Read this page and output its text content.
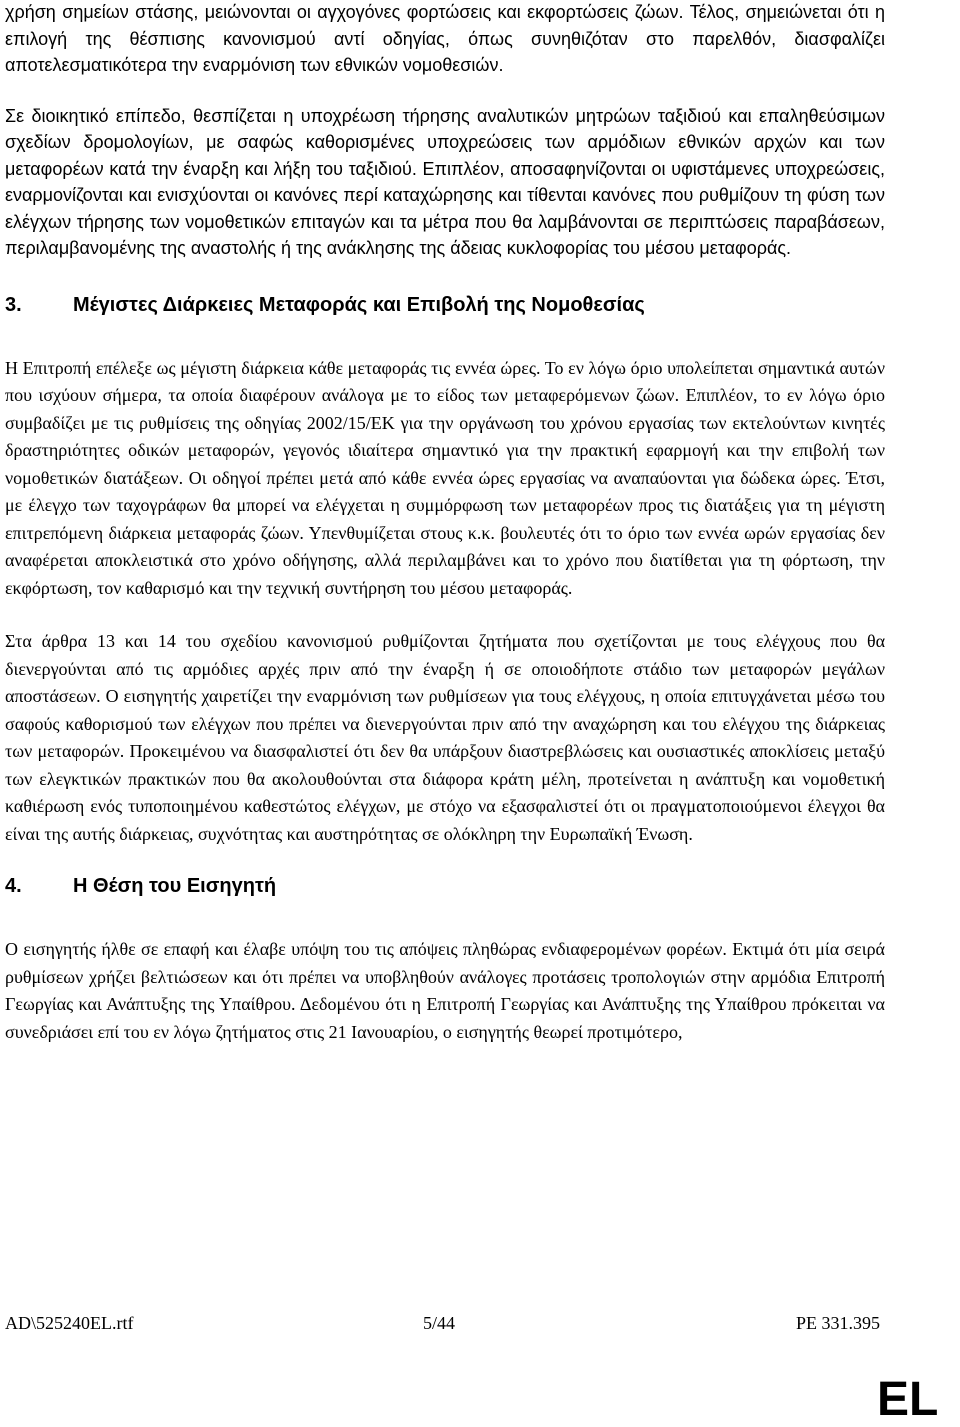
χρήση σημείων στάσης, μειώνονται οι αγχογόνες φορτώσεις και εκφορτώσεις ζώων. Τέλος, σημειώνεται ότι η επιλογή της θέσπισης κανονισμού αντί οδηγίας, όπως συνηθιζόταν στο παρελθόν, διασφαλίζει αποτελεσματικότερα την εναρμόνιση των εθνικών νομοθεσιών.

Σε διοικητικό επίπεδο, θεσπίζεται η υποχρέωση τήρησης αναλυτικών μητρώων ταξιδιού και επαληθεύσιμων σχεδίων δρομολογίων, με σαφώς καθορισμένες υποχρεώσεις των αρμόδιων εθνικών αρχών και των μεταφορέων κατά την έναρξη και λήξη του ταξιδιού. Επιπλέον, αποσαφηνίζονται οι υφιστάμενες υποχρεώσεις, εναρμονίζονται και ενισχύονται οι κανόνες περί καταχώρησης και τίθενται κανόνες που ρυθμίζουν τη φύση των ελέγχων τήρησης των νομοθετικών επιταγών και τα μέτρα που θα λαμβάνονται σε περιπτώσεις παραβάσεων, περιλαμβανομένης της αναστολής ή της ανάκλησης της άδειας κυκλοφορίας του μέσου μεταφοράς.

3.	Μέγιστες Διάρκειες Μεταφοράς και Επιβολή της Νομοθεσίας

Η Επιτροπή επέλεξε ως μέγιστη διάρκεια κάθε μεταφοράς τις εννέα ώρες. Το εν λόγω όριο υπολείπεται σημαντικά αυτών που ισχύουν σήμερα, τα οποία διαφέρουν ανάλογα με το είδος των μεταφερόμενων ζώων. Επιπλέον, το εν λόγω όριο συμβαδίζει με τις ρυθμίσεις της οδηγίας 2002/15/ΕΚ για την οργάνωση του χρόνου εργασίας των εκτελούντων κινητές δραστηριότητες οδικών μεταφορών, γεγονός ιδιαίτερα σημαντικό για την πρακτική εφαρμογή και την επιβολή των νομοθετικών διατάξεων. Οι οδηγοί πρέπει μετά από κάθε εννέα ώρες εργασίας να αναπαύονται για δώδεκα ώρες. Έτσι, με έλεγχο των ταχογράφων θα μπορεί να ελέγχεται η συμμόρφωση των μεταφορέων προς τις διατάξεις για τη μέγιστη επιτρεπόμενη διάρκεια μεταφοράς ζώων. Υπενθυμίζεται στους κ.κ. βουλευτές ότι το όριο των εννέα ωρών εργασίας δεν αναφέρεται αποκλειστικά στο χρόνο οδήγησης, αλλά περιλαμβάνει και το χρόνο που διατίθεται για τη φόρτωση, την εκφόρτωση, τον καθαρισμό και την τεχνική συντήρηση του μέσου μεταφοράς.

Στα άρθρα 13 και 14 του σχεδίου κανονισμού ρυθμίζονται ζητήματα που σχετίζονται με τους ελέγχους που θα διενεργούνται από τις αρμόδιες αρχές πριν από την έναρξη ή σε οποιοδήποτε στάδιο των μεταφορών μεγάλων αποστάσεων. Ο εισηγητής χαιρετίζει την εναρμόνιση των ρυθμίσεων για τους ελέγχους, η οποία επιτυγχάνεται μέσω του σαφούς καθορισμού των ελέγχων που πρέπει να διενεργούνται πριν από την αναχώρηση και του ελέγχου της διάρκειας των μεταφορών. Προκειμένου να διασφαλιστεί ότι δεν θα υπάρξουν διαστρεβλώσεις και ουσιαστικές αποκλίσεις μεταξύ των ελεγκτικών πρακτικών που θα ακολουθούνται στα διάφορα κράτη μέλη, προτείνεται η ανάπτυξη και νομοθετική καθιέρωση ενός τυποποιημένου καθεστώτος ελέγχων, με στόχο να εξασφαλιστεί ότι οι πραγματοποιούμενοι έλεγχοι θα είναι της αυτής διάρκειας, συχνότητας και αυστηρότητας σε ολόκληρη την Ευρωπαϊκή Ένωση.

4.	Η Θέση του Εισηγητή

Ο εισηγητής ήλθε σε επαφή και έλαβε υπόψη του τις απόψεις πληθώρας ενδιαφερομένων φορέων. Εκτιμά ότι μία σειρά ρυθμίσεων χρήζει βελτιώσεων και ότι πρέπει να υποβληθούν ανάλογες προτάσεις τροπολογιών στην αρμόδια Επιτροπή Γεωργίας και Ανάπτυξης της Υπαίθρου. Δεδομένου ότι η Επιτροπή Γεωργίας και Ανάπτυξης της Υπαίθρου πρόκειται να συνεδριάσει επί του εν λόγω ζητήματος στις 21 Ιανουαρίου, ο εισηγητής θεωρεί προτιμότερο,

AD\525240EL.rtf	5/44	PE 331.395
EL
